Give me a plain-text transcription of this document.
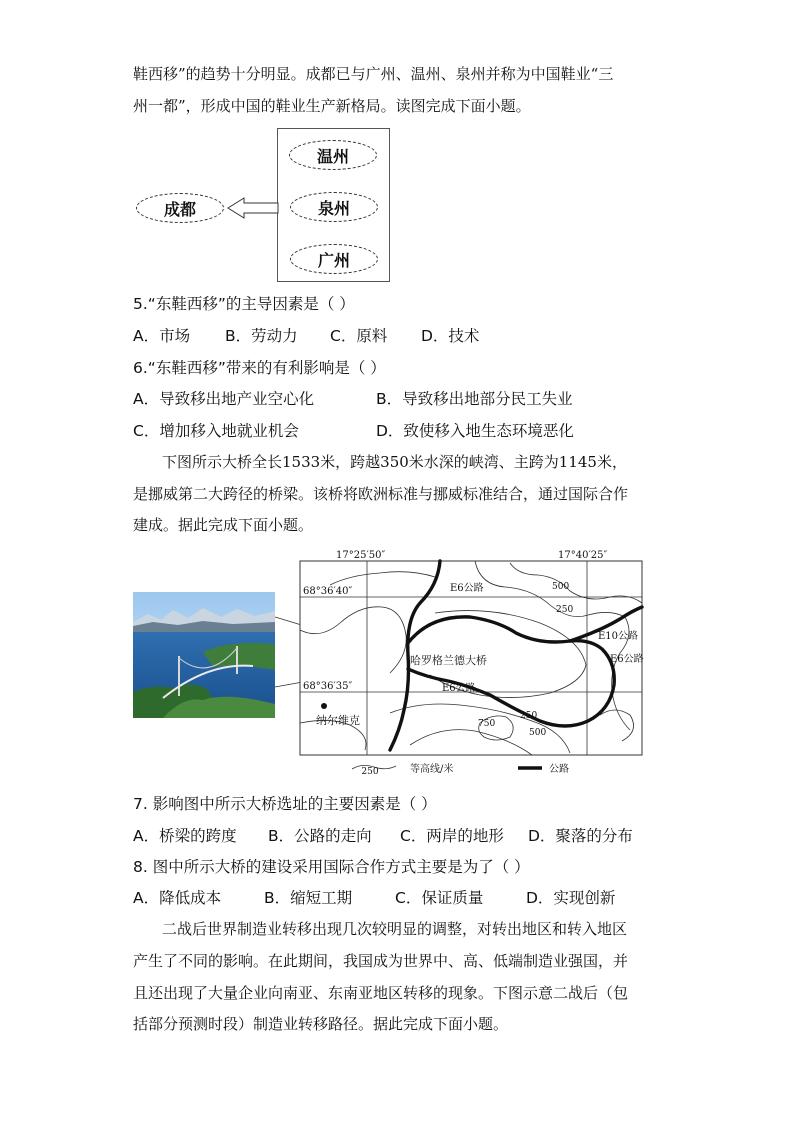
鞋西移”的趋势十分明显。成都已与广州、温州、泉州并称为中国鞋业“三
州一都”，形成中国的鞋业生产新格局。读图完成下面小题。
温州
泉州
广州
成都
5.“东鞋西移”的主导因素是（ ）
A．市场 B．劳动力 C．原料 D．技术
6.“东鞋西移”带来的有利影响是（ ）
A．导致移出地产业空心化	B．导致移出地部分民工失业
C．增加移入地就业机会	D．致使移入地生态环境恶化
下图所示大桥全长1533米，跨越350米水深的峡湾、主跨为1145米，
是挪威第二大跨径的桥梁。该桥将欧洲标准与挪威标准结合，通过国际合作
建成。据此完成下面小题。
哈罗格兰德大桥
纳尔维克
17°25′50″	17°40′25″
68°36′40″
68°36′35″
E6公路
E10公路
E6公路
E6公路
500
250
250
750
500
250	等高线/米	公路
7. 影响图中所示大桥选址的主要因素是（ ）
A．桥梁的跨度 B．公路的走向 C．两岸的地形 D．聚落的分布
8. 图中所示大桥的建设采用国际合作方式主要是为了（ ）
A．降低成本	B．缩短工期	C．保证质量	D．实现创新
二战后世界制造业转移出现几次较明显的调整，对转出地区和转入地区
产生了不同的影响。在此期间，我国成为世界中、高、低端制造业强国，并
且还出现了大量企业向南亚、东南亚地区转移的现象。下图示意二战后（包
括部分预测时段）制造业转移路径。据此完成下面小题。
